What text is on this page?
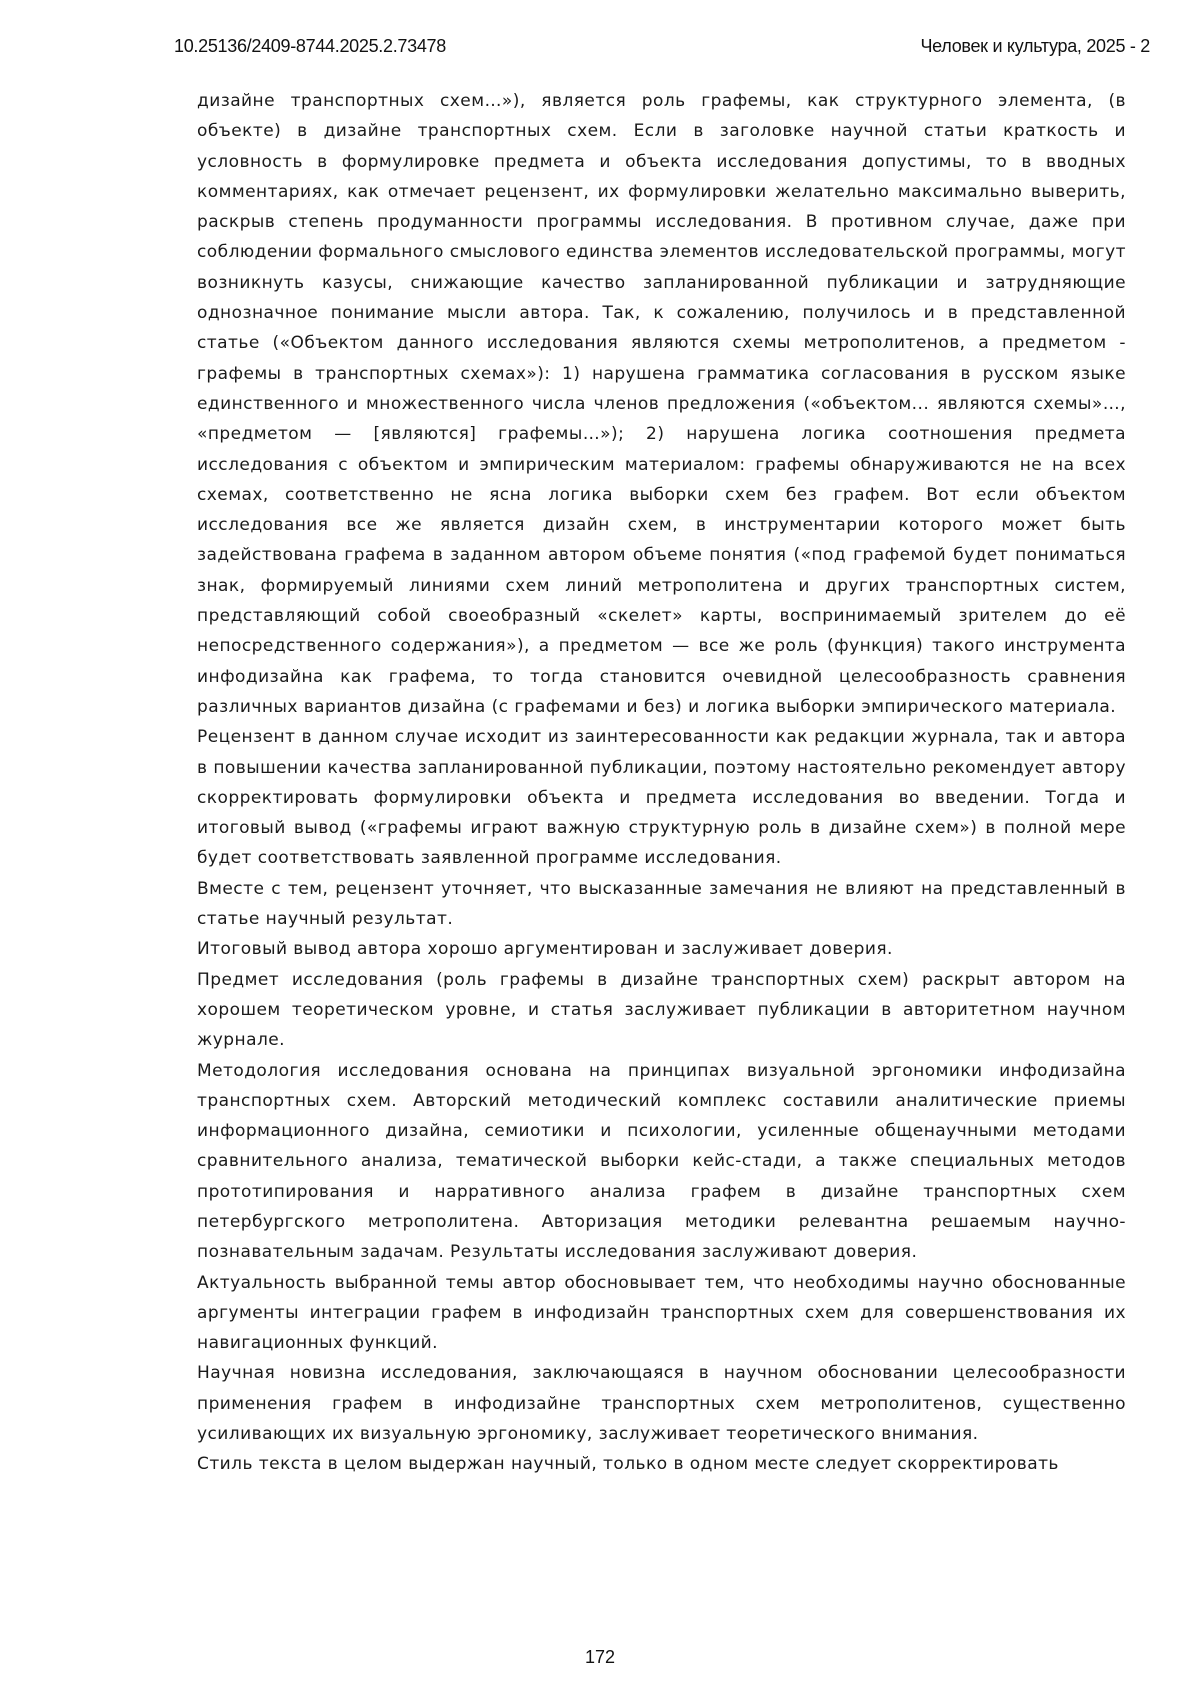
10.25136/2409-8744.2025.2.73478	Человек и культура, 2025 - 2

дизайне транспортных схем…»), является роль графемы, как структурного элемента, (в объекте) в дизайне транспортных схем. Если в заголовке научной статьи краткость и условность в формулировке предмета и объекта исследования допустимы, то в вводных комментариях, как отмечает рецензент, их формулировки желательно максимально выверить, раскрыв степень продуманности программы исследования. В противном случае, даже при соблюдении формального смыслового единства элементов исследовательской программы, могут возникнуть казусы, снижающие качество запланированной публикации и затрудняющие однозначное понимание мысли автора. Так, к сожалению, получилось и в представленной статье («Объектом данного исследования являются схемы метрополитенов, а предметом - графемы в транспортных схемах»): 1) нарушена грамматика согласования в русском языке единственного и множественного числа членов предложения («объектом... являются схемы»…, «предметом — [являются] графемы…»); 2) нарушена логика соотношения предмета исследования с объектом и эмпирическим материалом: графемы обнаруживаются не на всех схемах, соответственно не ясна логика выборки схем без графем. Вот если объектом исследования все же является дизайн схем, в инструментарии которого может быть задействована графема в заданном автором объеме понятия («под графемой будет пониматься знак, формируемый линиями схем линий метрополитена и других транспортных систем, представляющий собой своеобразный «скелет» карты, воспринимаемый зрителем до её непосредственного содержания»), а предметом — все же роль (функция) такого инструмента инфодизайна как графема, то тогда становится очевидной целесообразность сравнения различных вариантов дизайна (с графемами и без) и логика выборки эмпирического материала.

Рецензент в данном случае исходит из заинтересованности как редакции журнала, так и автора в повышении качества запланированной публикации, поэтому настоятельно рекомендует автору скорректировать формулировки объекта и предмета исследования во введении. Тогда и итоговый вывод («графемы играют важную структурную роль в дизайне схем») в полной мере будет соответствовать заявленной программе исследования.

Вместе с тем, рецензент уточняет, что высказанные замечания не влияют на представленный в статье научный результат.

Итоговый вывод автора хорошо аргументирован и заслуживает доверия.

Предмет исследования (роль графемы в дизайне транспортных схем) раскрыт автором на хорошем теоретическом уровне, и статья заслуживает публикации в авторитетном научном журнале.

Методология исследования основана на принципах визуальной эргономики инфодизайна транспортных схем. Авторский методический комплекс составили аналитические приемы информационного дизайна, семиотики и психологии, усиленные общенаучными методами сравнительного анализа, тематической выборки кейс-стади, а также специальных методов прототипирования и нарративного анализа графем в дизайне транспортных схем петербургского метрополитена. Авторизация методики релевантна решаемым научно-познавательным задачам. Результаты исследования заслуживают доверия.

Актуальность выбранной темы автор обосновывает тем, что необходимы научно обоснованные аргументы интеграции графем в инфодизайн транспортных схем для совершенствования их навигационных функций.

Научная новизна исследования, заключающаяся в научном обосновании целесообразности применения графем в инфодизайне транспортных схем метрополитенов, существенно усиливающих их визуальную эргономику, заслуживает теоретического внимания.

Стиль текста в целом выдержан научный, только в одном месте следует скорректировать

172
